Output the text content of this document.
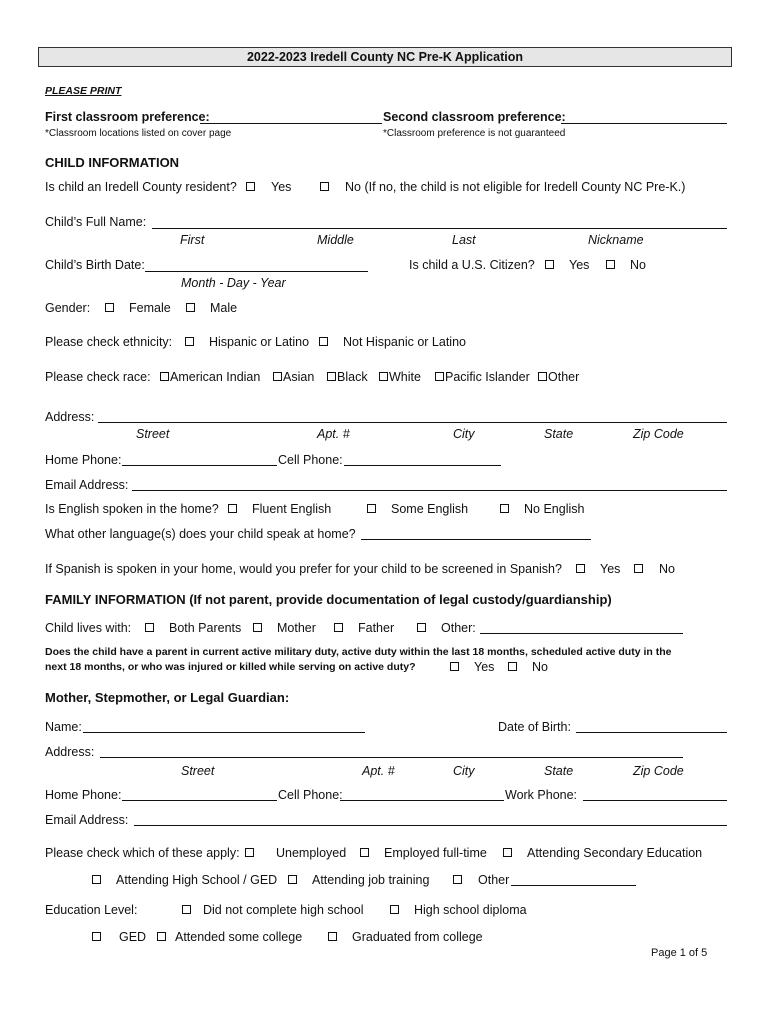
2022-2023 Iredell County NC Pre-K Application
PLEASE PRINT
First classroom preference:
*Classroom locations listed on cover page
Second classroom preference:
*Classroom preference is not guaranteed
CHILD INFORMATION
Is child an Iredell County resident?	Yes	No (If no, the child is not eligible for Iredell County NC Pre-K.)
Child’s Full Name:
First	Middle	Last	Nickname
Child’s Birth Date:
Month - Day - Year
Is child a U.S. Citizen?	Yes	No
Gender:	Female	Male
Please check ethnicity:	Hispanic or Latino	Not Hispanic or Latino
Please check race: American Indian Asian Black White Pacific Islander Other
Address:
Street	Apt. #	City	State	Zip Code
Home Phone:	Cell Phone:
Email Address:
Is English spoken in the home?	Fluent English	Some English	No English
What other language(s) does your child speak at home?
If Spanish is spoken in your home, would you prefer for your child to be screened in Spanish?	Yes	No
FAMILY INFORMATION (If not parent, provide documentation of legal custody/guardianship)
Child lives with:	Both Parents	Mother	Father	Other:
Does the child have a parent in current active military duty, active duty within the last 18 months, scheduled active duty in the
next 18 months, or who was injured or killed while serving on active duty?	Yes	No
Mother, Stepmother, or Legal Guardian:
Name:	Date of Birth:
Address:
Street	Apt. #	City	State	Zip Code
Home Phone:	Cell Phone:	Work Phone:
Email Address:
Please check which of these apply:	Unemployed	Employed full-time	Attending Secondary Education
Attending High School / GED	Attending job training	Other
Education Level:	Did not complete high school	High school diploma
GED Attended some college	Graduated from college
Page 1 of 5
